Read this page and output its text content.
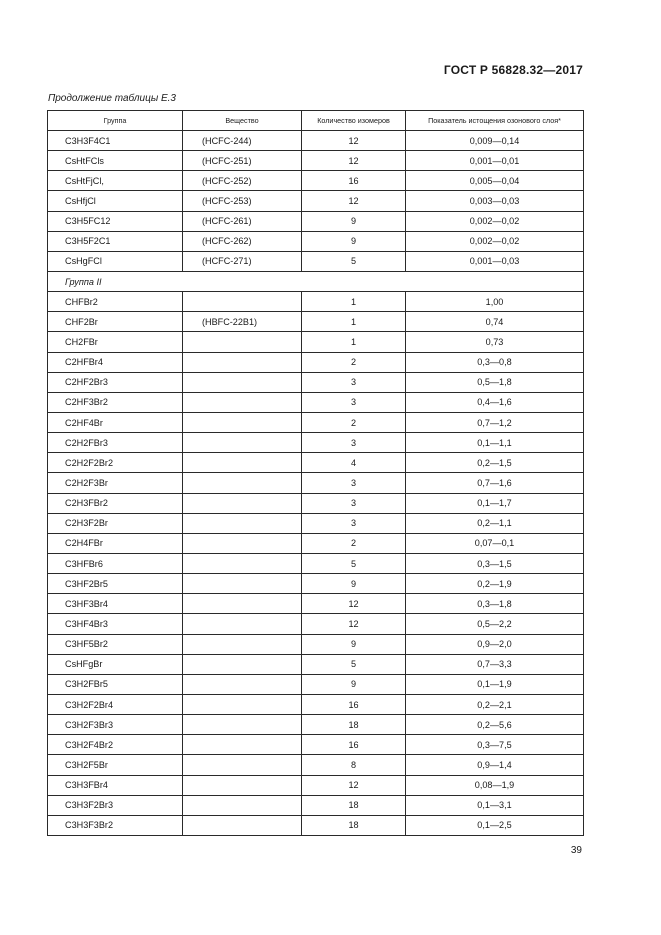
ГОСТ Р 56828.32—2017
Продолжение таблицы Е.3
Группа	Вещество	Количество изомеров	Показатель истощения озонового слоя*
C3H3F4C1	(HCFC-244)	12	0,009—0,14
CsHtFCls	(HCFC-251)	12	0,001—0,01
CsHtFjCl,	(HCFC-252)	16	0,005—0,04
CsHfjCl	(HCFC-253)	12	0,003—0,03
C3H5FC12	(HCFC-261)	9	0,002—0,02
C3H5F2C1	(HCFC-262)	9	0,002—0,02
CsHgFCl	(HCFC-271)	5	0,001—0,03
Группа II			
CHFBr2		1	1,00
CHF2Br	(HBFC-22B1)	1	0,74
CH2FBr		1	0,73
C2HFBr4		2	0,3—0,8
C2HF2Br3		3	0,5—1,8
C2HF3Br2		3	0,4—1,6
C2HF4Br		2	0,7—1,2
C2H2FBr3		3	0,1—1,1
C2H2F2Br2		4	0,2—1,5
C2H2F3Br		3	0,7—1,6
C2H3FBr2		3	0,1—1,7
C2H3F2Br		3	0,2—1,1
C2H4FBr		2	0,07—0,1
C3HFBr6		5	0,3—1,5
C3HF2Br5		9	0,2—1,9
C3HF3Br4		12	0,3—1,8
C3HF4Br3		12	0,5—2,2
C3HF5Br2		9	0,9—2,0
CsHFgBr		5	0,7—3,3
C3H2FBr5		9	0,1—1,9
C3H2F2Br4		16	0,2—2,1
C3H2F3Br3		18	0,2—5,6
C3H2F4Br2		16	0,3—7,5
C3H2F5Br		8	0,9—1,4
C3H3FBr4		12	0,08—1,9
C3H3F2Br3		18	0,1—3,1
C3H3F3Br2		18	0,1—2,5
39
